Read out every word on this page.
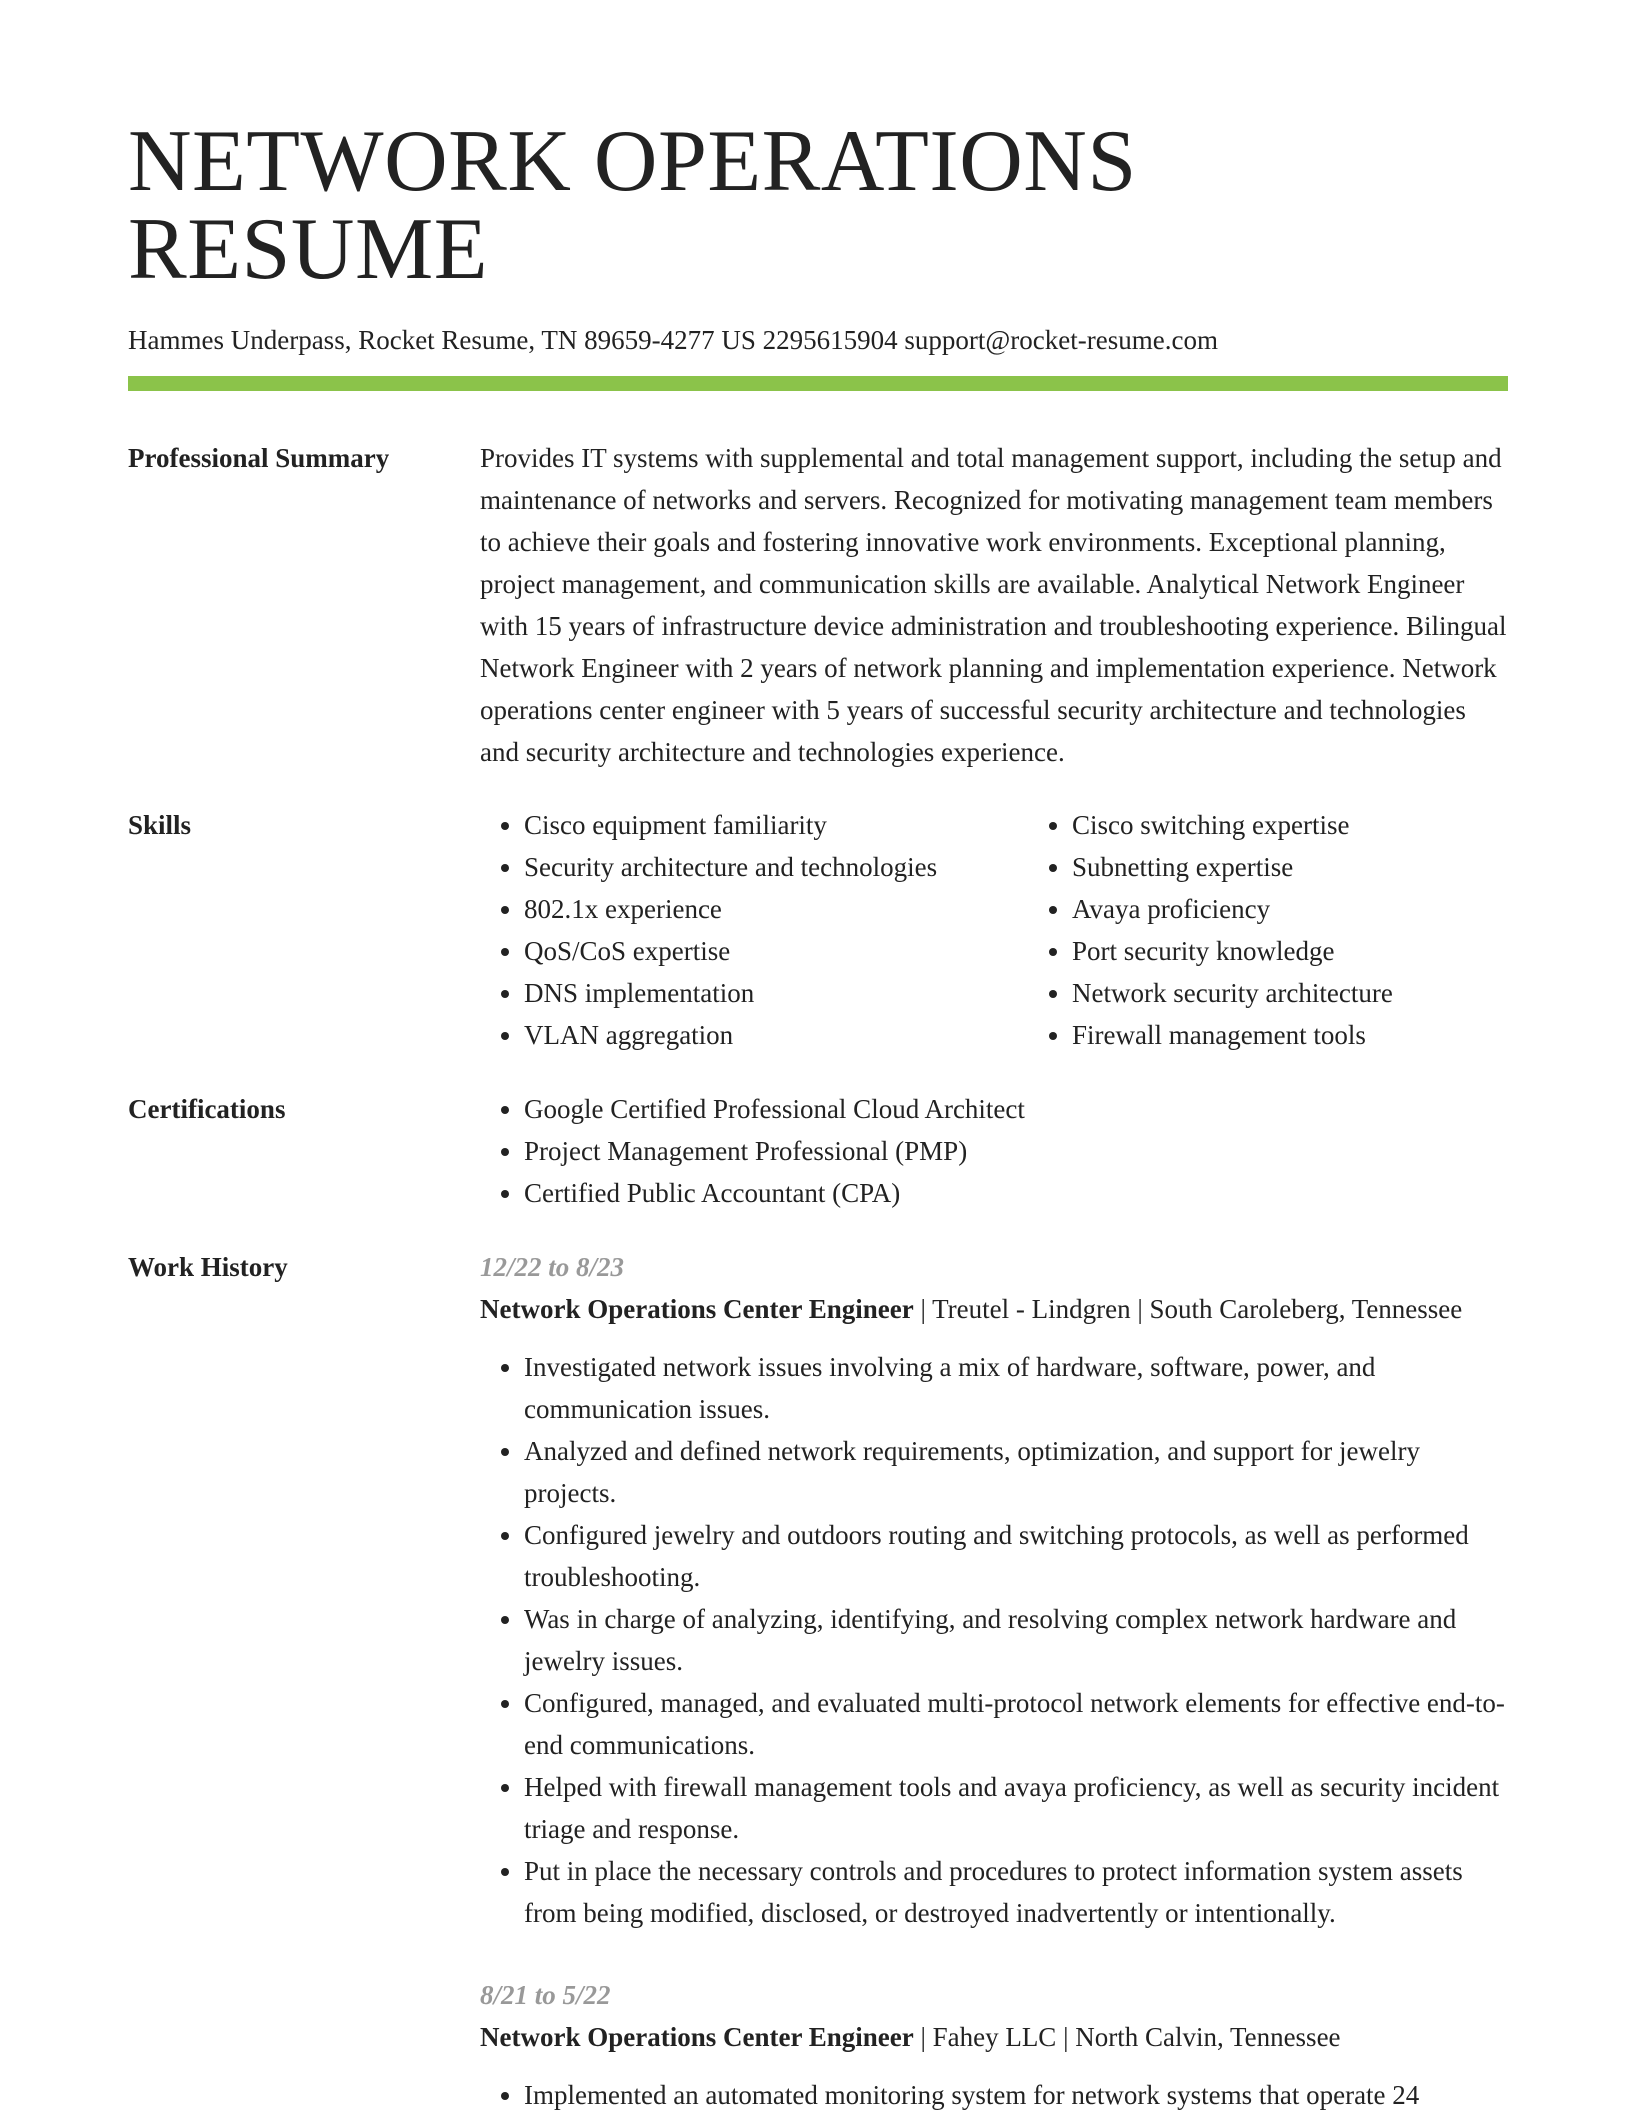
NETWORK OPERATIONS RESUME
Hammes Underpass, Rocket Resume, TN 89659-4277 US 2295615904 support@rocket-resume.com
Professional Summary	Provides IT systems with supplemental and total management support, including the setup and maintenance of networks and servers. Recognized for motivating management team members to achieve their goals and fostering innovative work environments. Exceptional planning, project management, and communication skills are available. Analytical Network Engineer with 15 years of infrastructure device administration and troubleshooting experience. Bilingual Network Engineer with 2 years of network planning and implementation experience. Network operations center engineer with 5 years of successful security architecture and technologies and security architecture and technologies experience.

Skills	• Cisco equipment familiarity
• Security architecture and technologies
• 802.1x experience
• QoS/CoS expertise
• DNS implementation
• VLAN aggregation
• Cisco switching expertise
• Subnetting expertise
• Avaya proficiency
• Port security knowledge
• Network security architecture
• Firewall management tools
Certifications	• Google Certified Professional Cloud Architect
• Project Management Professional (PMP)
• Certified Public Accountant (CPA)
Work History	12/22 to 8/23
Network Operations Center Engineer | Treutel - Lindgren | South Caroleberg, Tennessee
• Investigated network issues involving a mix of hardware, software, power, and communication issues.
• Analyzed and defined network requirements, optimization, and support for jewelry projects.
• Configured jewelry and outdoors routing and switching protocols, as well as performed troubleshooting.
• Was in charge of analyzing, identifying, and resolving complex network hardware and jewelry issues.
• Configured, managed, and evaluated multi-protocol network elements for effective end-to-end communications.
• Helped with firewall management tools and avaya proficiency, as well as security incident triage and response.
• Put in place the necessary controls and procedures to protect information system assets from being modified, disclosed, or destroyed inadvertently or intentionally.
8/21 to 5/22
Network Operations Center Engineer | Fahey LLC | North Calvin, Tennessee
• Implemented an automated monitoring system for network systems that operate 24
